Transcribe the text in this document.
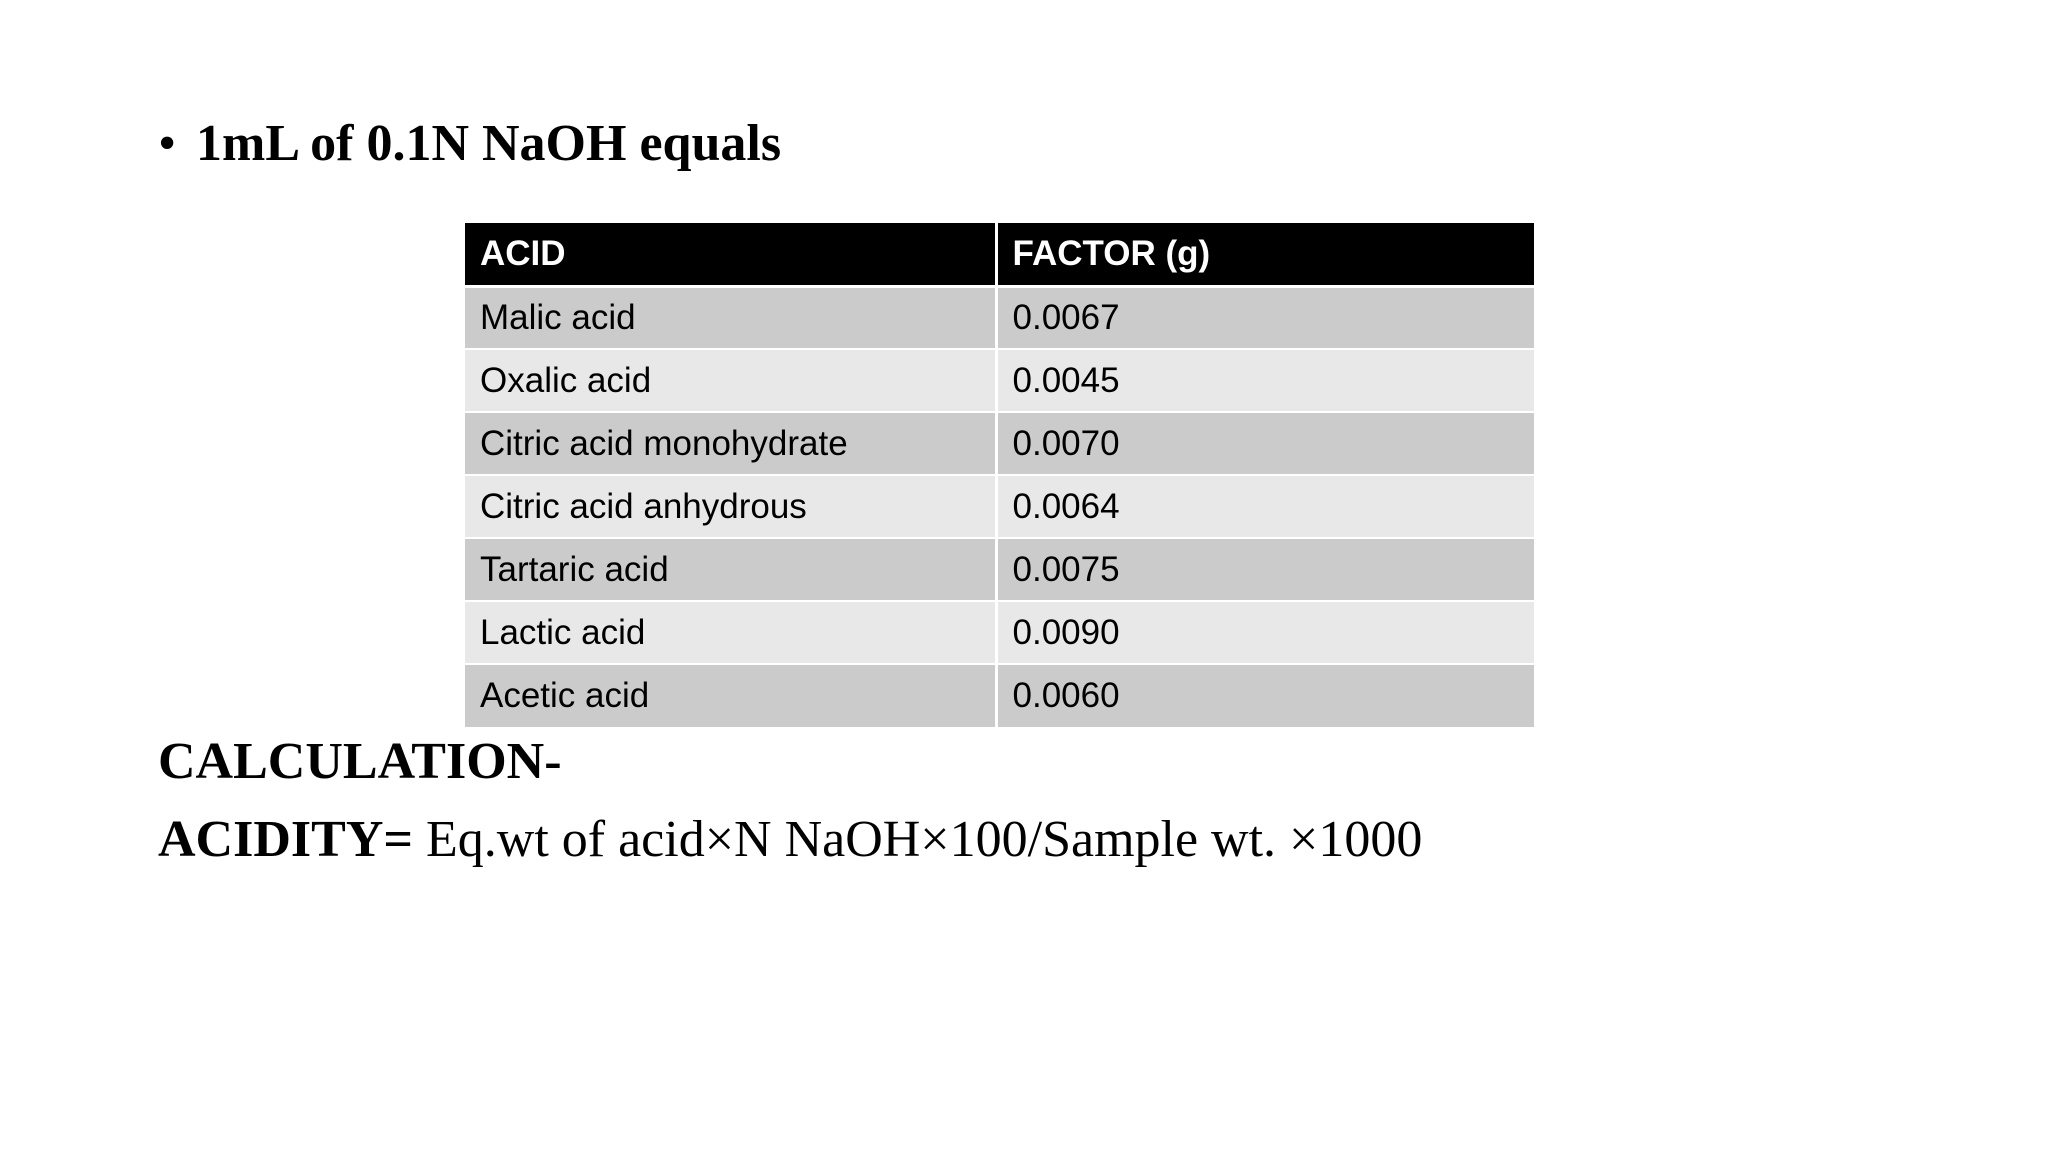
• 1mL of 0.1N NaOH equals
ACID	FACTOR (g)
Malic acid	0.0067
Oxalic acid	0.0045
Citric acid monohydrate	0.0070
Citric acid anhydrous	0.0064
Tartaric acid	0.0075
Lactic acid	0.0090
Acetic acid	0.0060
CALCULATION-
ACIDITY= Eq.wt of acid×N NaOH×100/Sample wt. ×1000
